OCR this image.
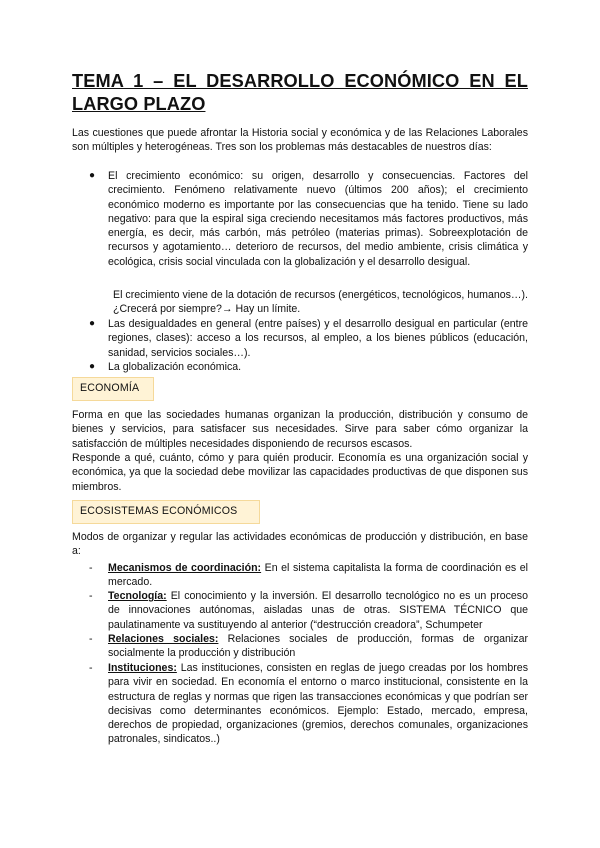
TEMA 1 – EL DESARROLLO ECONÓMICO EN EL LARGO PLAZO

Las cuestiones que puede afrontar la Historia social y económica y de las Relaciones Laborales son múltiples y heterogéneas. Tres son los problemas más destacables de nuestros días:

● El crecimiento económico: su origen, desarrollo y consecuencias. Factores del crecimiento. Fenómeno relativamente nuevo (últimos 200 años); el crecimiento económico moderno es importante por las consecuencias que ha tenido. Tiene su lado negativo: para que la espiral siga creciendo necesitamos más factores productivos, más energía, es decir, más carbón, más petróleo (materias primas). Sobreexplotación de recursos y agotamiento… deterioro de recursos, del medio ambiente, crisis climática y ecológica, crisis social vinculada con la globalización y el desarrollo desigual.

El crecimiento viene de la dotación de recursos (energéticos, tecnológicos, humanos…). ¿Crecerá por siempre?→ Hay un límite.

● Las desigualdades en general (entre países) y el desarrollo desigual en particular (entre regiones, clases): acceso a los recursos, al empleo, a los bienes públicos (educación, sanidad, servicios sociales…).

● La globalización económica.

ECONOMÍA

Forma en que las sociedades humanas organizan la producción, distribución y consumo de bienes y servicios, para satisfacer sus necesidades. Sirve para saber cómo organizar la satisfacción de múltiples necesidades disponiendo de recursos escasos.

Responde a qué, cuánto, cómo y para quién producir. Economía es una organización social y económica, ya que la sociedad debe movilizar las capacidades productivas de que disponen sus miembros.

ECOSISTEMAS ECONÓMICOS

Modos de organizar y regular las actividades económicas de producción y distribución, en base a:

- Mecanismos de coordinación: En el sistema capitalista la forma de coordinación es el mercado.

- Tecnología: El conocimiento y la inversión. El desarrollo tecnológico no es un proceso de innovaciones autónomas, aisladas unas de otras. SISTEMA TÉCNICO que paulatinamente va sustituyendo al anterior (“destrucción creadora”, Schumpeter

- Relaciones sociales: Relaciones sociales de producción, formas de organizar socialmente la producción y distribución

- Instituciones: Las instituciones, consisten en reglas de juego creadas por los hombres para vivir en sociedad. En economía el entorno o marco institucional, consistente en la estructura de reglas y normas que rigen las transacciones económicas y que podrían ser decisivas como determinantes económicos. Ejemplo: Estado, mercado, empresa, derechos de propiedad, organizaciones (gremios, derechos comunales, organizaciones patronales, sindicatos..)
